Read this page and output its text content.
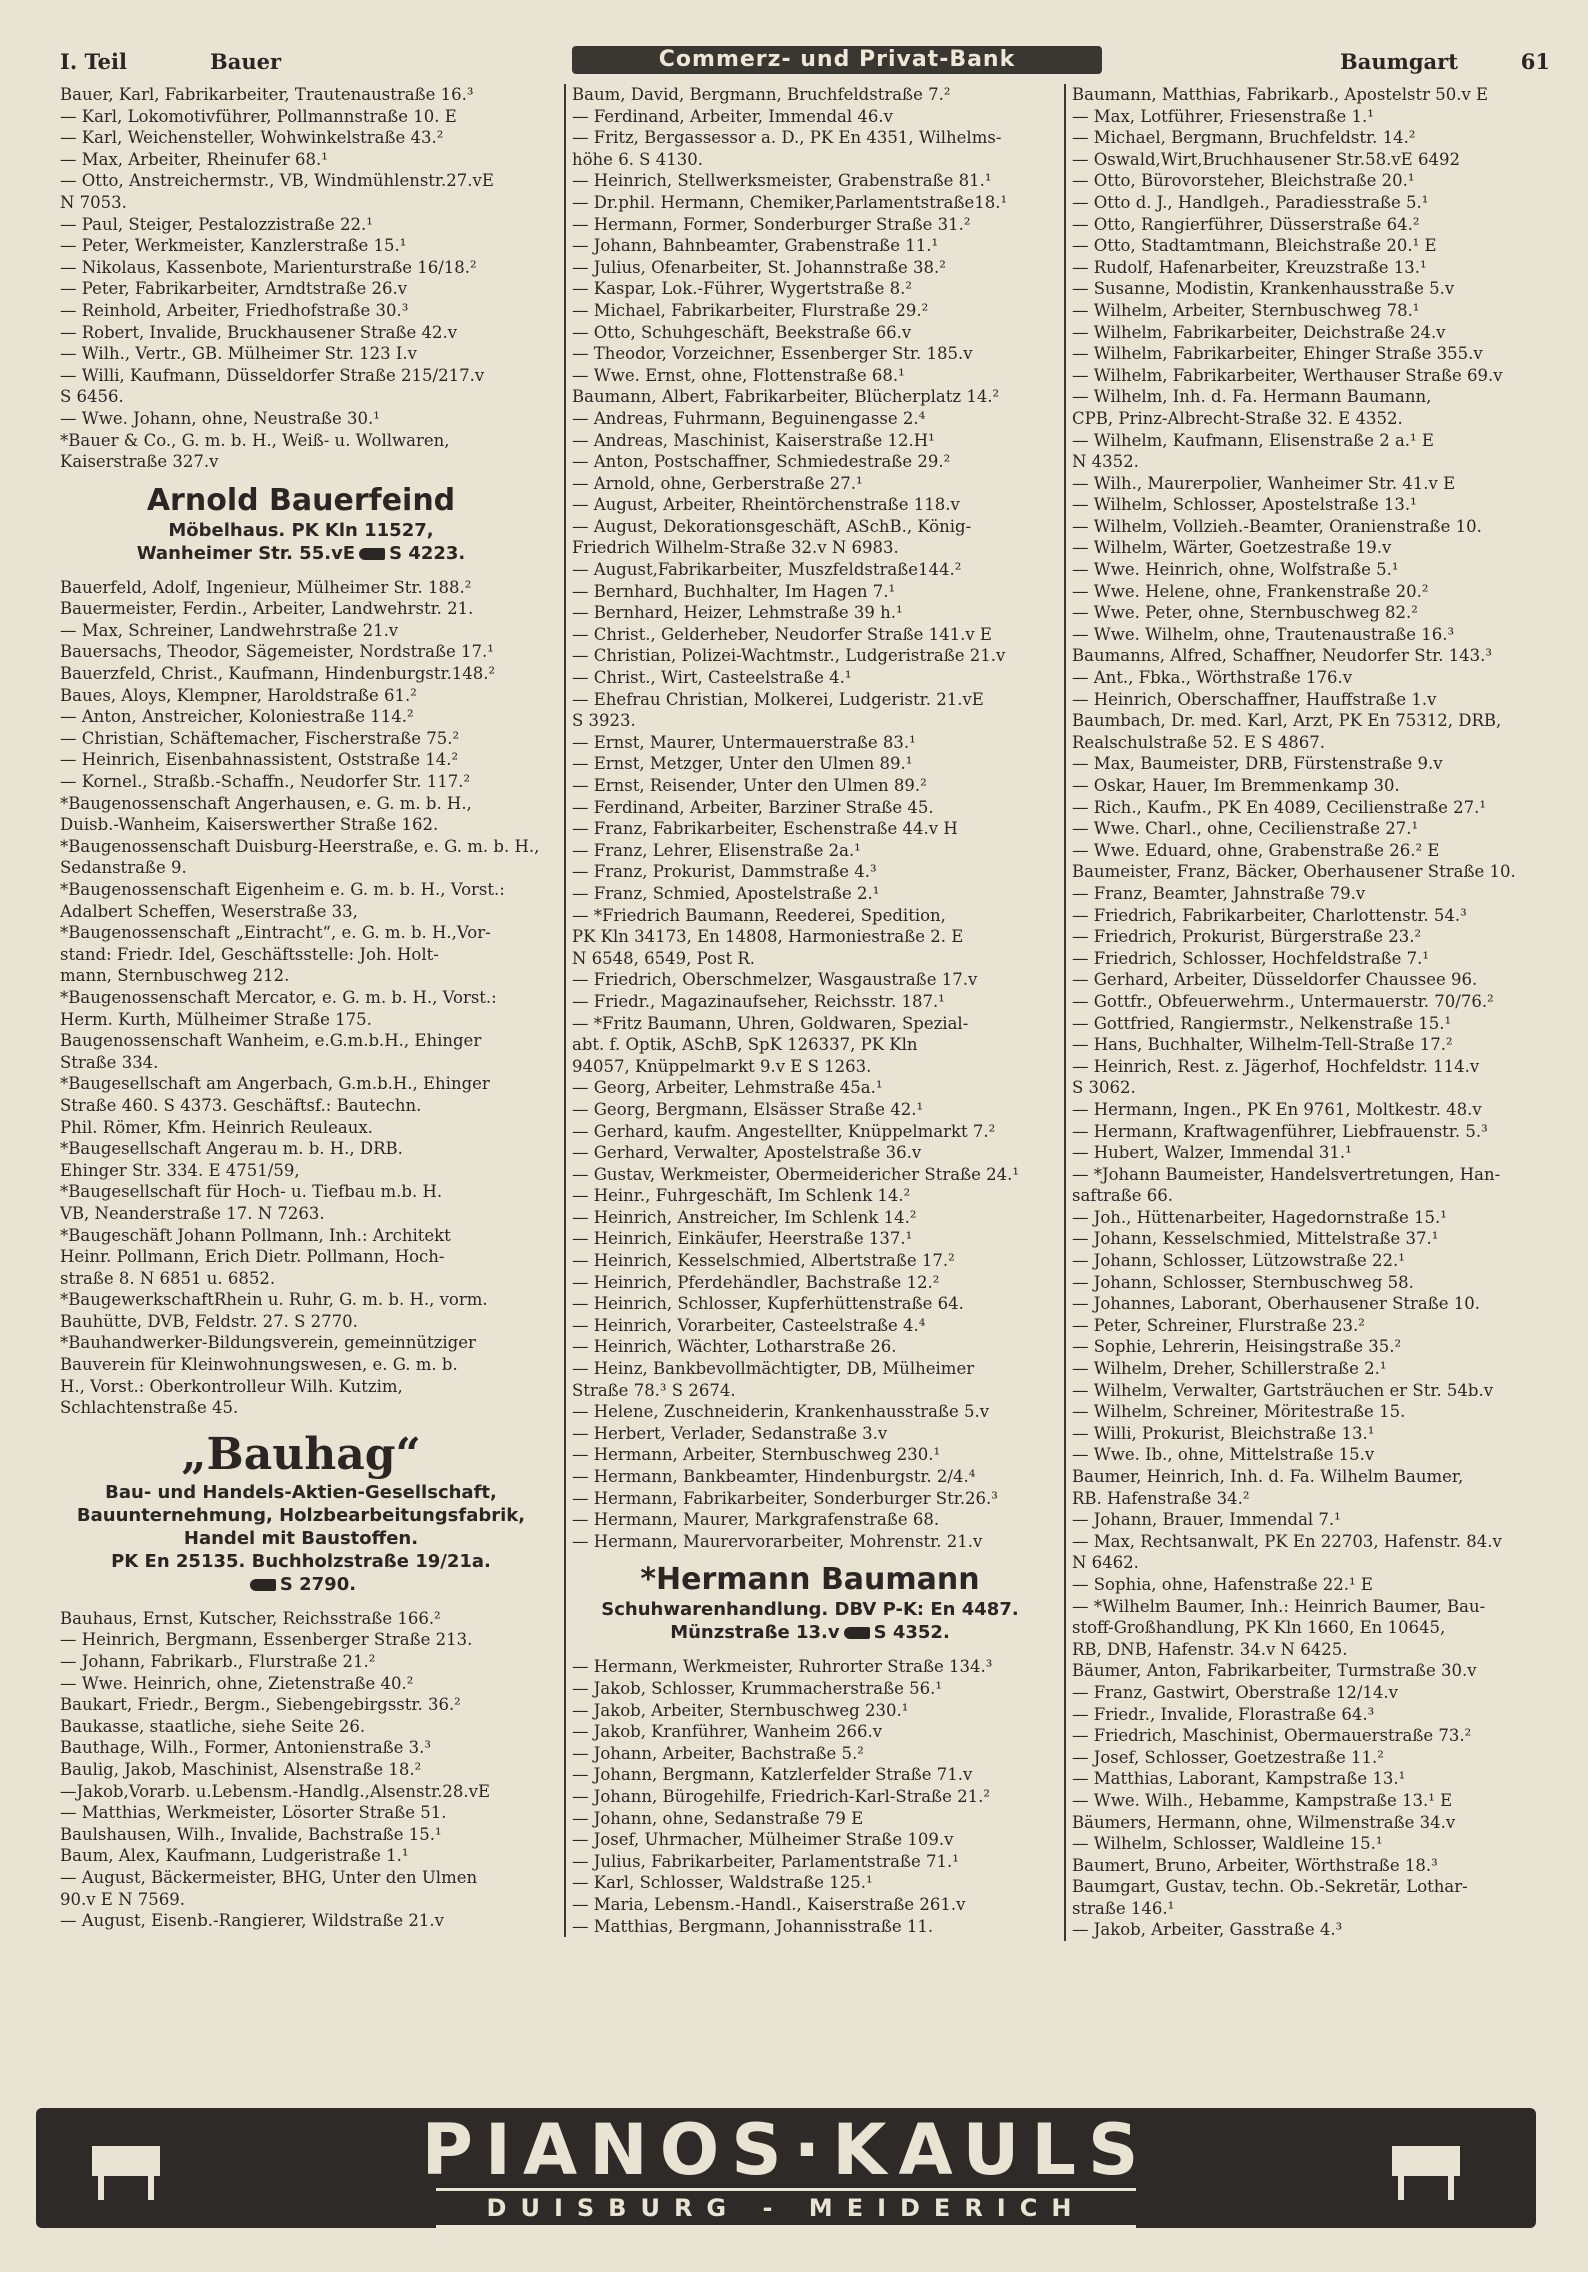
I. Teil	Bauer	Commerz- und Privat-Bank	Baumgart	61
Bauer, Karl, Fabrikarbeiter, Trautenaustraße 16.³
— Karl, Lokomotivführer, Pollmannstraße 10. E
— Karl, Weichensteller, Wohwinkelstraße 43.²
— Max, Arbeiter, Rheinufer 68.¹
— Otto, Anstreichermstr., VB, Windmühlenstr.27.vE
N 7053.
— Paul, Steiger, Pestalozzistraße 22.¹
— Peter, Werkmeister, Kanzlerstraße 15.¹
— Nikolaus, Kassenbote, Marienturstraße 16/18.²
— Peter, Fabrikarbeiter, Arndtstraße 26.v
— Reinhold, Arbeiter, Friedhofstraße 30.³
— Robert, Invalide, Bruckhausener Straße 42.v
— Wilh., Vertr., GB. Mülheimer Str. 123 I.v
— Willi, Kaufmann, Düsseldorfer Straße 215/217.v
S 6456.
— Wwe. Johann, ohne, Neustraße 30.¹
*Bauer & Co., G. m. b. H., Weiß- u. Wollwaren,
Kaiserstraße 327.v
Arnold Bauerfeind
Möbelhaus. PK Kln 11527,
Wanheimer Str. 55.vE S 4223.
Bauerfeld, Adolf, Ingenieur, Mülheimer Str. 188.²
Bauermeister, Ferdin., Arbeiter, Landwehrstr. 21.
— Max, Schreiner, Landwehrstraße 21.v
Bauersachs, Theodor, Sägemeister, Nordstraße 17.¹
Bauerzfeld, Christ., Kaufmann, Hindenburgstr.148.²
Baues, Aloys, Klempner, Haroldstraße 61.²
— Anton, Anstreicher, Koloniestraße 114.²
— Christian, Schäftemacher, Fischerstraße 75.²
— Heinrich, Eisenbahnassistent, Oststraße 14.²
— Kornel., Straßb.-Schaffn., Neudorfer Str. 117.²
*Baugenossenschaft Angerhausen, e. G. m. b. H.,
Duisb.-Wanheim, Kaiserswerther Straße 162.
*Baugenossenschaft Duisburg-Heerstraße, e. G. m. b. H.,
Sedanstraße 9.
*Baugenossenschaft Eigenheim e. G. m. b. H., Vorst.:
Adalbert Scheffen, Weserstraße 33,
*Baugenossenschaft „Eintracht“, e. G. m. b. H.,Vor-
stand: Friedr. Idel, Geschäftsstelle: Joh. Holt-
mann, Sternbuschweg 212.
*Baugenossenschaft Mercator, e. G. m. b. H., Vorst.:
Herm. Kurth, Mülheimer Straße 175.
Baugenossenschaft Wanheim, e.G.m.b.H., Ehinger
Straße 334.
*Baugesellschaft am Angerbach, G.m.b.H., Ehinger
Straße 460. S 4373. Geschäftsf.: Bautechn.
Phil. Römer, Kfm. Heinrich Reuleaux.
*Baugesellschaft Angerau m. b. H., DRB.
Ehinger Str. 334. E 4751/59,
*Baugesellschaft für Hoch- u. Tiefbau m.b. H.
VB, Neanderstraße 17. N 7263.
*Baugeschäft Johann Pollmann, Inh.: Architekt
Heinr. Pollmann, Erich Dietr. Pollmann, Hoch-
straße 8. N 6851 u. 6852.
*BaugewerkschaftRhein u. Ruhr, G. m. b. H., vorm.
Bauhütte, DVB, Feldstr. 27. S 2770.
*Bauhandwerker-Bildungsverein, gemeinnütziger
Bauverein für Kleinwohnungswesen, e. G. m. b.
H., Vorst.: Oberkontrolleur Wilh. Kutzim,
Schlachtenstraße 45.
„Bauhag“
Bau- und Handels-Aktien-Gesellschaft,
Bauunternehmung, Holzbearbeitungsfabrik,
Handel mit Baustoffen.
PK En 25135. Buchholzstraße 19/21a.
S 2790.
Bauhaus, Ernst, Kutscher, Reichsstraße 166.²
— Heinrich, Bergmann, Essenberger Straße 213.
— Johann, Fabrikarb., Flurstraße 21.²
— Wwe. Heinrich, ohne, Zietenstraße 40.²
Baukart, Friedr., Bergm., Siebengebirgsstr. 36.²
Baukasse, staatliche, siehe Seite 26.
Bauthage, Wilh., Former, Antonienstraße 3.³
Baulig, Jakob, Maschinist, Alsenstraße 18.²
—Jakob,Vorarb. u.Lebensm.-Handlg.,Alsenstr.28.vE
— Matthias, Werkmeister, Lösorter Straße 51.
Baulshausen, Wilh., Invalide, Bachstraße 15.¹
Baum, Alex, Kaufmann, Ludgeristraße 1.¹
— August, Bäckermeister, BHG, Unter den Ulmen
90.v E N 7569.
— August, Eisenb.-Rangierer, Wildstraße 21.v
Baum, David, Bergmann, Bruchfeldstraße 7.²
— Ferdinand, Arbeiter, Immendal 46.v
— Fritz, Bergassessor a. D., PK En 4351, Wilhelms-
höhe 6. S 4130.
— Heinrich, Stellwerksmeister, Grabenstraße 81.¹
— Dr.phil. Hermann, Chemiker,Parlamentstraße18.¹
— Hermann, Former, Sonderburger Straße 31.²
— Johann, Bahnbeamter, Grabenstraße 11.¹
— Julius, Ofenarbeiter, St. Johannstraße 38.²
— Kaspar, Lok.-Führer, Wygertstraße 8.²
— Michael, Fabrikarbeiter, Flurstraße 29.²
— Otto, Schuhgeschäft, Beekstraße 66.v
— Theodor, Vorzeichner, Essenberger Str. 185.v
— Wwe. Ernst, ohne, Flottenstraße 68.¹
Baumann, Albert, Fabrikarbeiter, Blücherplatz 14.²
— Andreas, Fuhrmann, Beguinengasse 2.⁴
— Andreas, Maschinist, Kaiserstraße 12.H¹
— Anton, Postschaffner, Schmiedestraße 29.²
— Arnold, ohne, Gerberstraße 27.¹
— August, Arbeiter, Rheintörchenstraße 118.v
— August, Dekorationsgeschäft, ASchB., König-
Friedrich Wilhelm-Straße 32.v N 6983.
— August,Fabrikarbeiter, Muszfeldstraße144.²
— Bernhard, Buchhalter, Im Hagen 7.¹
— Bernhard, Heizer, Lehmstraße 39 h.¹
— Christ., Gelderheber, Neudorfer Straße 141.v E
— Christian, Polizei-Wachtmstr., Ludgeristraße 21.v
— Christ., Wirt, Casteelstraße 4.¹
— Ehefrau Christian, Molkerei, Ludgeristr. 21.vE
S 3923.
— Ernst, Maurer, Untermauerstraße 83.¹
— Ernst, Metzger, Unter den Ulmen 89.¹
— Ernst, Reisender, Unter den Ulmen 89.²
— Ferdinand, Arbeiter, Barziner Straße 45.
— Franz, Fabrikarbeiter, Eschenstraße 44.v H
— Franz, Lehrer, Elisenstraße 2a.¹
— Franz, Prokurist, Dammstraße 4.³
— Franz, Schmied, Apostelstraße 2.¹
— *Friedrich Baumann, Reederei, Spedition,
PK Kln 34173, En 14808, Harmoniestraße 2. E
N 6548, 6549, Post R.
— Friedrich, Oberschmelzer, Wasgaustraße 17.v
— Friedr., Magazinaufseher, Reichsstr. 187.¹
— *Fritz Baumann, Uhren, Goldwaren, Spezial-
abt. f. Optik, ASchB, SpK 126337, PK Kln
94057, Knüppelmarkt 9.v E S 1263.
— Georg, Arbeiter, Lehmstraße 45a.¹
— Georg, Bergmann, Elsässer Straße 42.¹
— Gerhard, kaufm. Angestellter, Knüppelmarkt 7.²
— Gerhard, Verwalter, Apostelstraße 36.v
— Gustav, Werkmeister, Obermeidericher Straße 24.¹
— Heinr., Fuhrgeschäft, Im Schlenk 14.²
— Heinrich, Anstreicher, Im Schlenk 14.²
— Heinrich, Einkäufer, Heerstraße 137.¹
— Heinrich, Kesselschmied, Albertstraße 17.²
— Heinrich, Pferdehändler, Bachstraße 12.²
— Heinrich, Schlosser, Kupferhüttenstraße 64.
— Heinrich, Vorarbeiter, Casteelstraße 4.⁴
— Heinrich, Wächter, Lotharstraße 26.
— Heinz, Bankbevollmächtigter, DB, Mülheimer
Straße 78.³ S 2674.
— Helene, Zuschneiderin, Krankenhausstraße 5.v
— Herbert, Verlader, Sedanstraße 3.v
— Hermann, Arbeiter, Sternbuschweg 230.¹
— Hermann, Bankbeamter, Hindenburgstr. 2/4.⁴
— Hermann, Fabrikarbeiter, Sonderburger Str.26.³
— Hermann, Maurer, Markgrafenstraße 68.
— Hermann, Maurervorarbeiter, Mohrenstr. 21.v
*Hermann Baumann
Schuhwarenhandlung. DBV P-K: En 4487.
Münzstraße 13.v S 4352.
— Hermann, Werkmeister, Ruhrorter Straße 134.³
— Jakob, Schlosser, Krummacherstraße 56.¹
— Jakob, Arbeiter, Sternbuschweg 230.¹
— Jakob, Kranführer, Wanheim 266.v
— Johann, Arbeiter, Bachstraße 5.²
— Johann, Bergmann, Katzlerfelder Straße 71.v
— Johann, Bürogehilfe, Friedrich-Karl-Straße 21.²
— Johann, ohne, Sedanstraße 79 E
— Josef, Uhrmacher, Mülheimer Straße 109.v
— Julius, Fabrikarbeiter, Parlamentstraße 71.¹
— Karl, Schlosser, Waldstraße 125.¹
— Maria, Lebensm.-Handl., Kaiserstraße 261.v
— Matthias, Bergmann, Johannisstraße 11.
Baumann, Matthias, Fabrikarb., Apostelstr 50.v E
— Max, Lotführer, Friesenstraße 1.¹
— Michael, Bergmann, Bruchfeldstr. 14.²
— Oswald,Wirt,Bruchhausener Str.58.vE 6492
— Otto, Bürovorsteher, Bleichstraße 20.¹
— Otto d. J., Handlgeh., Paradiesstraße 5.¹
— Otto, Rangierführer, Düsserstraße 64.²
— Otto, Stadtamtmann, Bleichstraße 20.¹ E
— Rudolf, Hafenarbeiter, Kreuzstraße 13.¹
— Susanne, Modistin, Krankenhausstraße 5.v
— Wilhelm, Arbeiter, Sternbuschweg 78.¹
— Wilhelm, Fabrikarbeiter, Deichstraße 24.v
— Wilhelm, Fabrikarbeiter, Ehinger Straße 355.v
— Wilhelm, Fabrikarbeiter, Werthauser Straße 69.v
— Wilhelm, Inh. d. Fa. Hermann Baumann,
CPB, Prinz-Albrecht-Straße 32. E 4352.
— Wilhelm, Kaufmann, Elisenstraße 2 a.¹ E
N 4352.
— Wilh., Maurerpolier, Wanheimer Str. 41.v E
— Wilhelm, Schlosser, Apostelstraße 13.¹
— Wilhelm, Vollzieh.-Beamter, Oranienstraße 10.
— Wilhelm, Wärter, Goetzestraße 19.v
— Wwe. Heinrich, ohne, Wolfstraße 5.¹
— Wwe. Helene, ohne, Frankenstraße 20.²
— Wwe. Peter, ohne, Sternbuschweg 82.²
— Wwe. Wilhelm, ohne, Trautenaustraße 16.³
Baumanns, Alfred, Schaffner, Neudorfer Str. 143.³
— Ant., Fbka., Wörthstraße 176.v
— Heinrich, Oberschaffner, Hauffstraße 1.v
Baumbach, Dr. med. Karl, Arzt, PK En 75312, DRB,
Realschulstraße 52. E S 4867.
— Max, Baumeister, DRB, Fürstenstraße 9.v
— Oskar, Hauer, Im Bremmenkamp 30.
— Rich., Kaufm., PK En 4089, Cecilienstraße 27.¹
— Wwe. Charl., ohne, Cecilienstraße 27.¹
— Wwe. Eduard, ohne, Grabenstraße 26.² E
Baumeister, Franz, Bäcker, Oberhausener Straße 10.
— Franz, Beamter, Jahnstraße 79.v
— Friedrich, Fabrikarbeiter, Charlottenstr. 54.³
— Friedrich, Prokurist, Bürgerstraße 23.²
— Friedrich, Schlosser, Hochfeldstraße 7.¹
— Gerhard, Arbeiter, Düsseldorfer Chaussee 96.
— Gottfr., Obfeuerwehrm., Untermauerstr. 70/76.²
— Gottfried, Rangiermstr., Nelkenstraße 15.¹
— Hans, Buchhalter, Wilhelm-Tell-Straße 17.²
— Heinrich, Rest. z. Jägerhof, Hochfeldstr. 114.v
S 3062.
— Hermann, Ingen., PK En 9761, Moltkestr. 48.v
— Hermann, Kraftwagenführer, Liebfrauenstr. 5.³
— Hubert, Walzer, Immendal 31.¹
— *Johann Baumeister, Handelsvertretungen, Han-
saftraße 66.
— Joh., Hüttenarbeiter, Hagedornstraße 15.¹
— Johann, Kesselschmied, Mittelstraße 37.¹
— Johann, Schlosser, Lützowstraße 22.¹
— Johann, Schlosser, Sternbuschweg 58.
— Johannes, Laborant, Oberhausener Straße 10.
— Peter, Schreiner, Flurstraße 23.²
— Sophie, Lehrerin, Heisingstraße 35.²
— Wilhelm, Dreher, Schillerstraße 2.¹
— Wilhelm, Verwalter, Gartsträuchen er Str. 54b.v
— Wilhelm, Schreiner, Möritestraße 15.
— Willi, Prokurist, Bleichstraße 13.¹
— Wwe. Ib., ohne, Mittelstraße 15.v
Baumer, Heinrich, Inh. d. Fa. Wilhelm Baumer,
RB. Hafenstraße 34.²
— Johann, Brauer, Immendal 7.¹
— Max, Rechtsanwalt, PK En 22703, Hafenstr. 84.v
N 6462.
— Sophia, ohne, Hafenstraße 22.¹ E
— *Wilhelm Baumer, Inh.: Heinrich Baumer, Bau-
stoff-Großhandlung, PK Kln 1660, En 10645,
RB, DNB, Hafenstr. 34.v N 6425.
Bäumer, Anton, Fabrikarbeiter, Turmstraße 30.v
— Franz, Gastwirt, Oberstraße 12/14.v
— Friedr., Invalide, Florastraße 64.³
— Friedrich, Maschinist, Obermauerstraße 73.²
— Josef, Schlosser, Goetzestraße 11.²
— Matthias, Laborant, Kampstraße 13.¹
— Wwe. Wilh., Hebamme, Kampstraße 13.¹ E
Bäumers, Hermann, ohne, Wilmenstraße 34.v
— Wilhelm, Schlosser, Waldleine 15.¹
Baumert, Bruno, Arbeiter, Wörthstraße 18.³
Baumgart, Gustav, techn. Ob.-Sekretär, Lothar-
straße 146.¹
— Jakob, Arbeiter, Gasstraße 4.³
PIANOS·KAULS
DUISBURG - MEIDERICH
